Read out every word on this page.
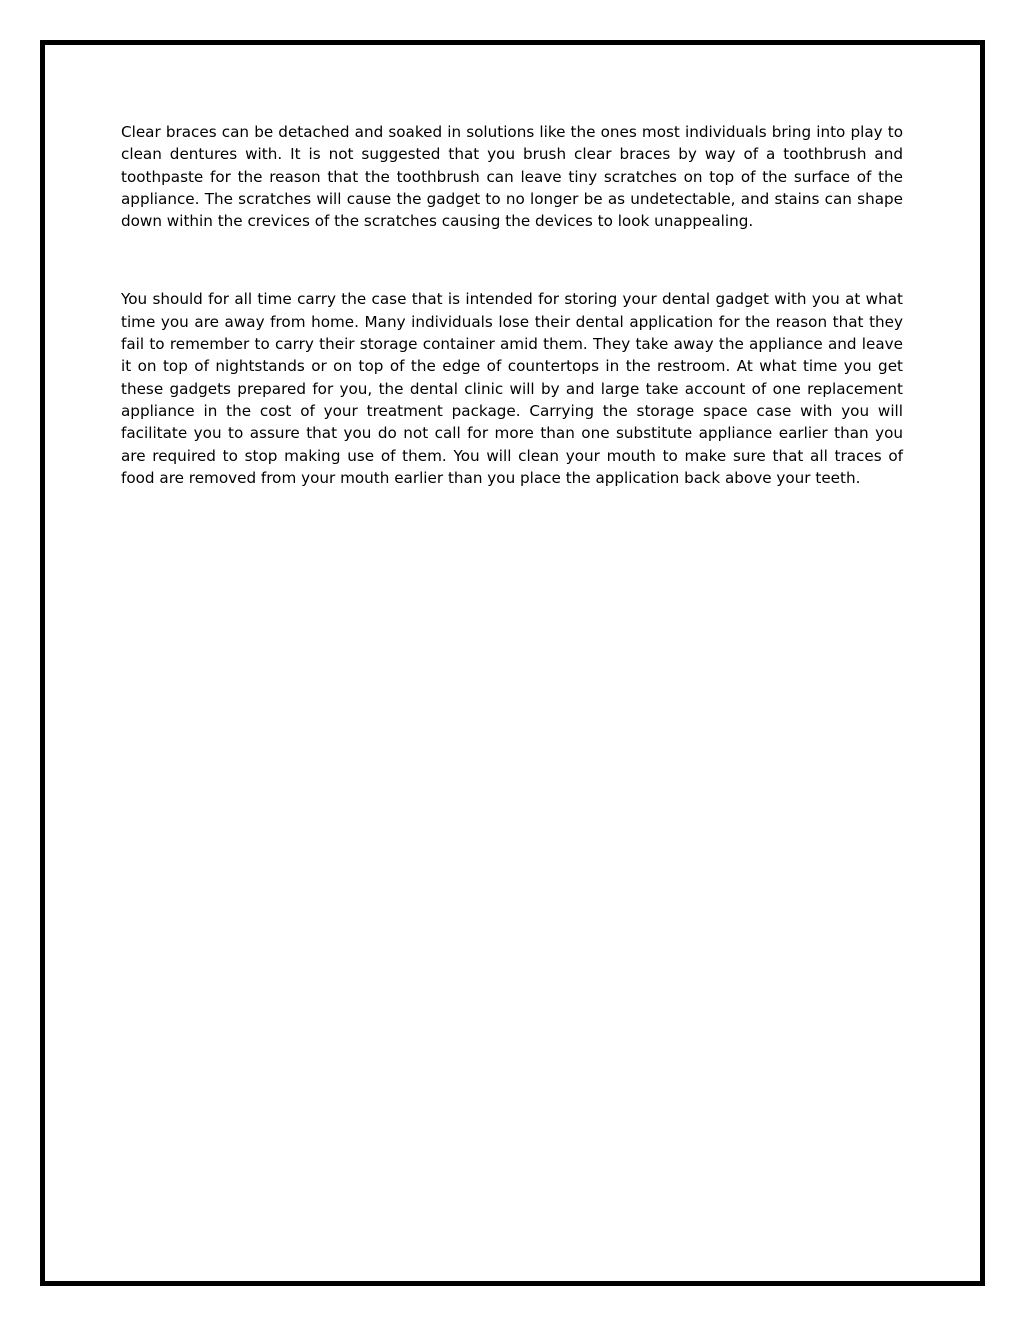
Clear braces can be detached and soaked in solutions like the ones most individuals bring into play to clean dentures with. It is not suggested that you brush clear braces by way of a toothbrush and toothpaste for the reason that the toothbrush can leave tiny scratches on top of the surface of the appliance. The scratches will cause the gadget to no longer be as undetectable, and stains can shape down within the crevices of the scratches causing the devices to look unappealing.

You should for all time carry the case that is intended for storing your dental gadget with you at what time you are away from home. Many individuals lose their dental application for the reason that they fail to remember to carry their storage container amid them. They take away the appliance and leave it on top of nightstands or on top of the edge of countertops in the restroom. At what time you get these gadgets prepared for you, the dental clinic will by and large take account of one replacement appliance in the cost of your treatment package. Carrying the storage space case with you will facilitate you to assure that you do not call for more than one substitute appliance earlier than you are required to stop making use of them. You will clean your mouth to make sure that all traces of food are removed from your mouth earlier than you place the application back above your teeth.
